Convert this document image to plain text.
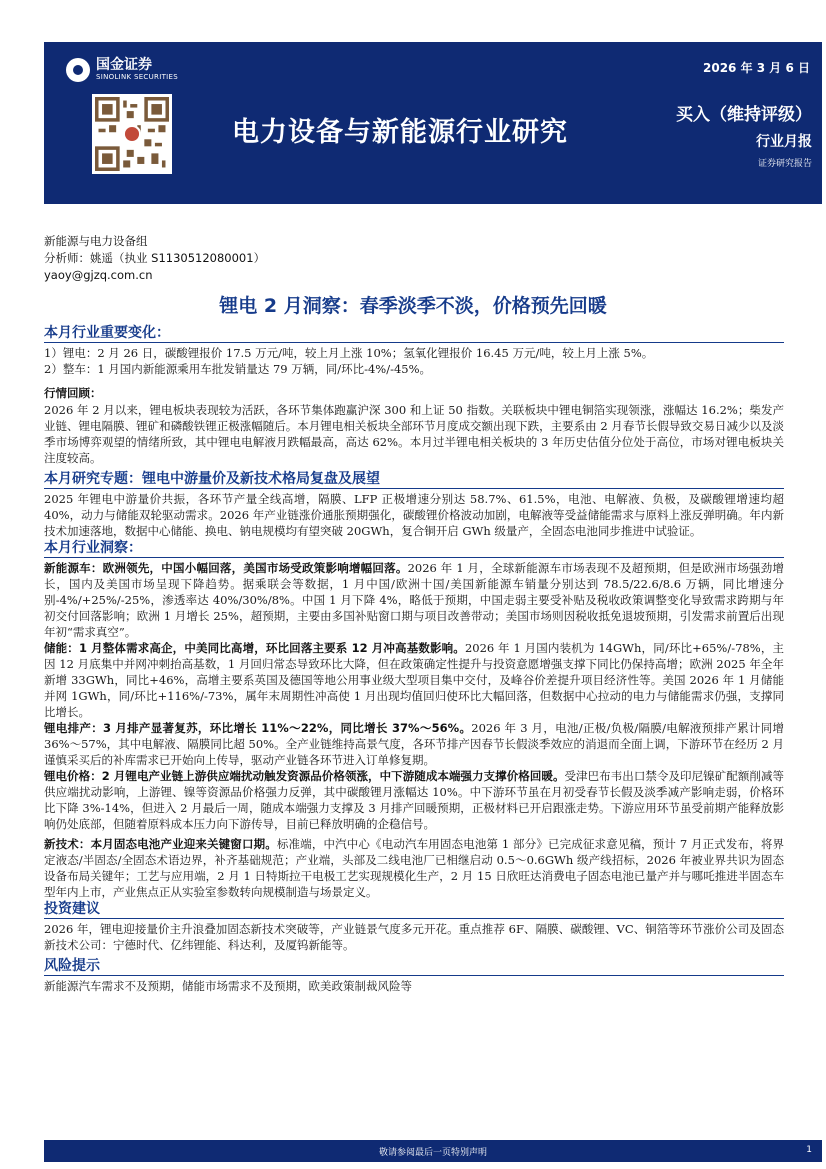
国金证券
SINOLINK SECURITIES
2026 年 3 月 6 日
电力设备与新能源行业研究
买入（维持评级）
行业月报
证券研究报告
新能源与电力设备组
分析师：姚遥（执业 S1130512080001）
yaoy@gjzq.com.cn
锂电 2 月洞察：春季淡季不淡，价格预先回暖
本月行业重要变化：

1）锂电：2 月 26 日，碳酸锂报价 17.5 万元/吨，较上月上涨 10%；氢氧化锂报价 16.45 万元/吨，较上月上涨 5%。

2）整车：1 月国内新能源乘用车批发销量达 79 万辆，同/环比-4%/-45%。

行情回顾：

2026 年 2 月以来，锂电板块表现较为活跃，各环节集体跑赢沪深 300 和上证 50 指数。关联板块中锂电铜箔实现领涨，涨幅达 16.2%；柴发产业链、锂电隔膜、锂矿和磷酸铁锂正极涨幅随后。本月锂电相关板块全部环节月度成交额出现下跌，主要系由 2 月春节长假导致交易日减少以及淡季市场博弈观望的情绪所致，其中锂电电解液月跌幅最高，高达 62%。本月过半锂电相关板块的 3 年历史估值分位处于高位，市场对锂电板块关注度较高。

本月研究专题：锂电中游量价及新技术格局复盘及展望

2025 年锂电中游量价共振，各环节产量全线高增，隔膜、LFP 正极增速分别达 58.7%、61.5%，电池、电解液、负极，及碳酸锂增速均超 40%，动力与储能双轮驱动需求。2026 年产业链涨价通胀预期强化，碳酸锂价格波动加剧，电解液等受益储能需求与原料上涨反弹明确。年内新技术加速落地，数据中心储能、换电、钠电规模均有望突破 20GWh，复合铜开启 GWh 级量产，全固态电池同步推进中试验证。

本月行业洞察：

新能源车：欧洲领先，中国小幅回落，美国市场受政策影响增幅回落。2026 年 1 月，全球新能源车市场表现不及超预期，但是欧洲市场强劲增长，国内及美国市场呈现下降趋势。据乘联会等数据，1 月中国/欧洲十国/美国新能源车销量分别达到 78.5/22.6/8.6 万辆，同比增速分别-4%/+25%/-25%，渗透率达 40%/30%/8%。中国 1 月下降 4%，略低于预期，中国走弱主要受补贴及税收政策调整变化导致需求跨期与年初交付回落影响；欧洲 1 月增长 25%，超预期，主要由多国补贴窗口期与项目改善带动；美国市场则因税收抵免退坡预期，引发需求前置后出现年初“需求真空”。

储能：1 月整体需求高企，中美同比高增，环比回落主要系 12 月冲高基数影响。2026 年 1 月国内装机为 14GWh，同/环比+65%/-78%，主因 12 月底集中并网冲刺抬高基数，1 月回归常态导致环比大降，但在政策确定性提升与投资意愿增强支撑下同比仍保持高增；欧洲 2025 年全年新增 33GWh，同比+46%，高增主要系英国及德国等地公用事业级大型项目集中交付，及峰谷价差提升项目经济性等。美国 2026 年 1 月储能并网 1GWh，同/环比+116%/-73%，属年末周期性冲高使 1 月出现均值回归使环比大幅回落，但数据中心拉动的电力与储能需求仍强，支撑同比增长。

锂电排产：3 月排产显著复苏，环比增长 11%～22%，同比增长 37%～56%。2026 年 3 月，电池/正极/负极/隔膜/电解液预排产累计同增 36%～57%，其中电解液、隔膜同比超 50%。全产业链维持高景气度，各环节排产因春节长假淡季效应的消退而全面上调，下游环节在经历 2 月谨慎采买后的补库需求已开始向上传导，驱动产业链各环节进入订单修复期。

锂电价格：2 月锂电产业链上游供应端扰动触发资源品价格领涨，中下游随成本端强力支撑价格回暖。受津巴布韦出口禁令及印尼镍矿配额削减等供应端扰动影响，上游锂、镍等资源品价格强力反弹，其中碳酸锂月涨幅达 10%。中下游环节虽在月初受春节长假及淡季减产影响走弱，价格环比下降 3%-14%，但进入 2 月最后一周，随成本端强力支撑及 3 月排产回暖预期，正极材料已开启跟涨走势。下游应用环节虽受前期产能释放影响仍处底部，但随着原料成本压力向下游传导，目前已释放明确的企稳信号。

新技术：本月固态电池产业迎来关键窗口期。标准端，中汽中心《电动汽车用固态电池第 1 部分》已完成征求意见稿，预计 7 月正式发布，将界定液态/半固态/全固态术语边界，补齐基础规范；产业端，头部及二线电池厂已相继启动 0.5～0.6GWh 级产线招标，2026 年被业界共识为固态设备布局关键年；工艺与应用端，2 月 1 日特斯拉干电极工艺实现规模化生产，2 月 15 日欣旺达消费电子固态电池已量产并与哪吒推进半固态车型年内上市，产业焦点正从实验室参数转向规模制造与场景定义。

投资建议

2026 年，锂电迎接量价主升浪叠加固态新技术突破等，产业链景气度多元开花。重点推荐 6F、隔膜、碳酸锂、VC、铜箔等环节涨价公司及固态新技术公司：宁德时代、亿纬锂能、科达利，及厦钨新能等。

风险提示

新能源汽车需求不及预期，储能市场需求不及预期，欧美政策制裁风险等

敬请参阅最后一页特别声明	1
